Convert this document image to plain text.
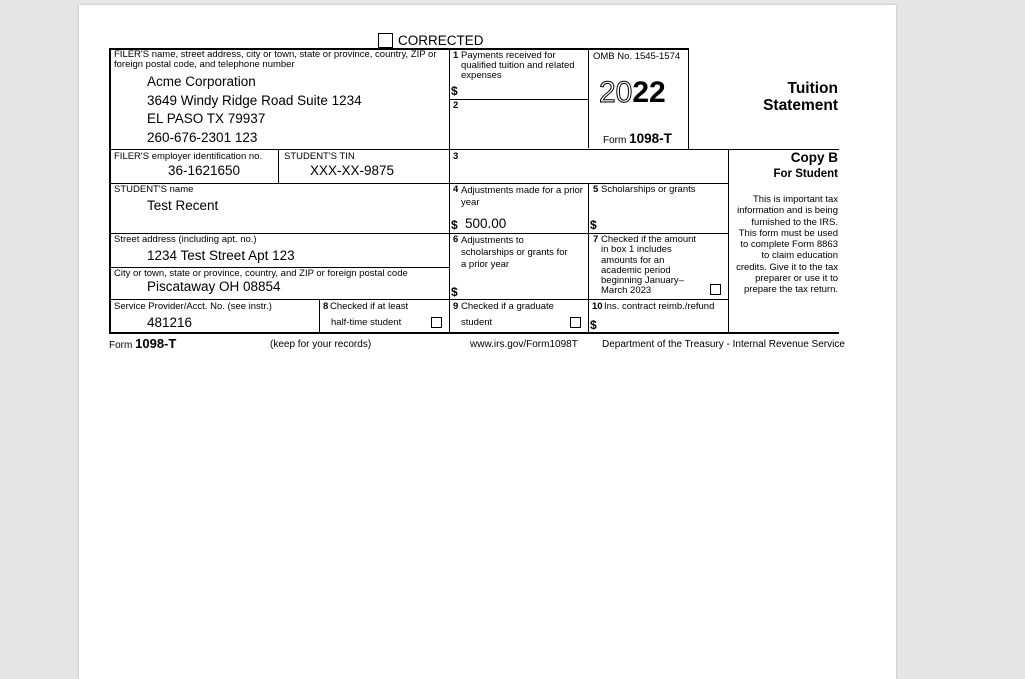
CORRECTED
FILER'S name, street address, city or town, state or province, country, ZIP or foreign postal code, and telephone number
Acme Corporation
3649 Windy Ridge Road Suite 1234
EL PASO TX 79937
260-676-2301 123
1 Payments received for qualified tuition and related expenses
$
2
OMB No. 1545-1574
2022
Form 1098-T
Tuition
Statement
FILER'S employer identification no.
36-1621650
STUDENT'S TIN
XXX-XX-9875
3	Copy B
For Student
This is important tax information and is being furnished to the IRS. This form must be used to complete Form 8863 to claim education credits. Give it to the tax preparer or use it to prepare the tax return.
STUDENT'S name
Test Recent
4 Adjustments made for a prior year
$ 500.00
5 Scholarships or grants
$
Street address (including apt. no.)
1234 Test Street Apt 123
6 Adjustments to scholarships or grants for a prior year
$
7 Checked if the amount in box 1 includes amounts for an academic period beginning January– March 2023
City or town, state or province, country, and ZIP or foreign postal code
Piscataway OH 08854
Service Provider/Acct. No. (see instr.)
481216
8 Checked if at least
half-time student
9 Checked if a graduate
student
10 Ins. contract reimb./refund
$
Form 1098-T	(keep for your records)	www.irs.gov/Form1098T Department of the Treasury - Internal Revenue Service
